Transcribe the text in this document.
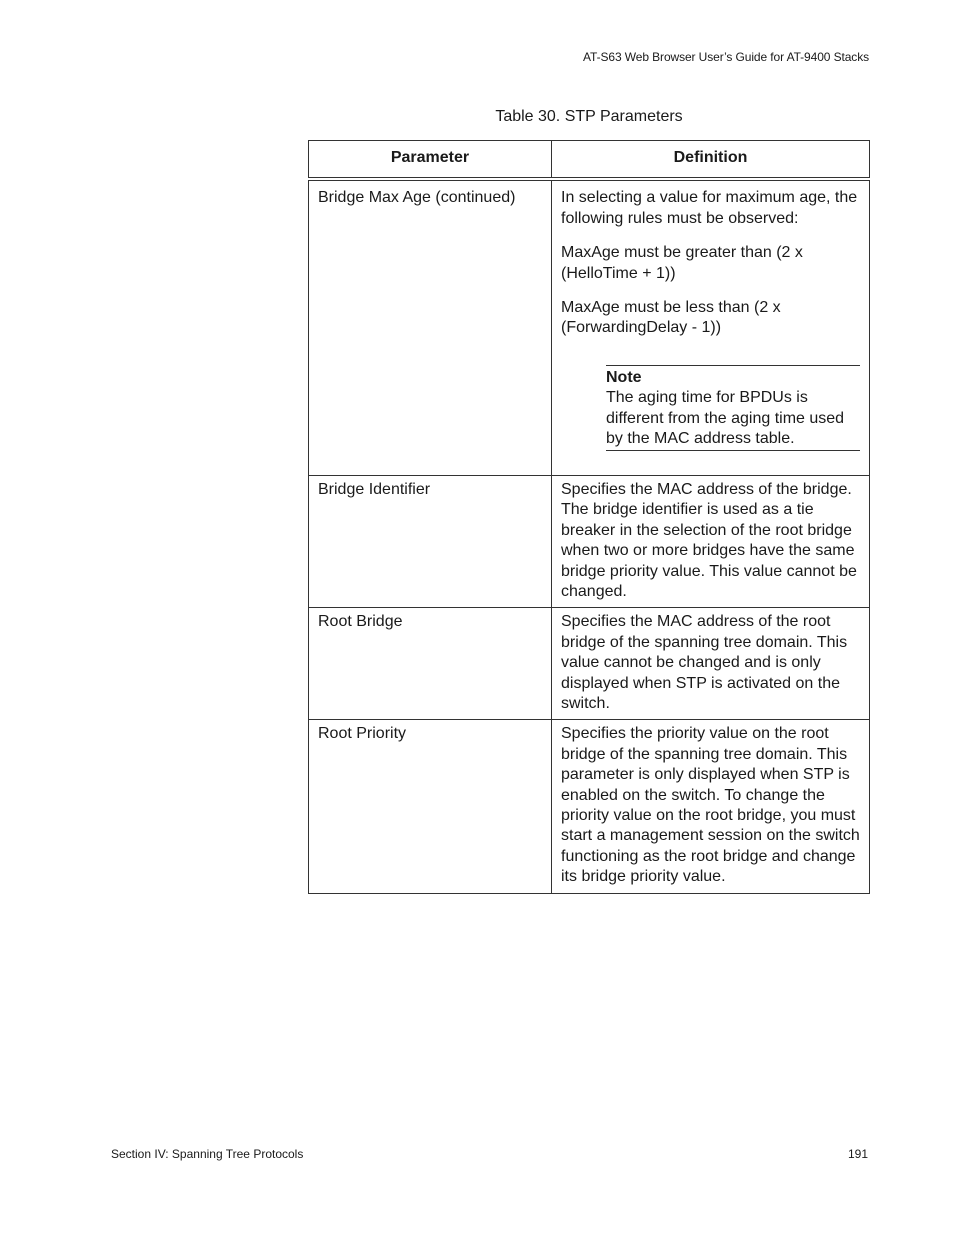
AT-S63 Web Browser User’s Guide for AT-9400 Stacks
Table 30. STP Parameters
Parameter	Definition
Bridge Max Age (continued)	In selecting a value for maximum age, the following rules must be observed:
MaxAge must be greater than (2 x (HelloTime + 1))
MaxAge must be less than (2 x (ForwardingDelay - 1))
Note
The aging time for BPDUs is different from the aging time used by the MAC address table.

Bridge Identifier	Specifies the MAC address of the bridge. The bridge identifier is used as a tie breaker in the selection of the root bridge when two or more bridges have the same bridge priority value. This value cannot be changed.

Root Bridge	Specifies the MAC address of the root bridge of the spanning tree domain. This value cannot be changed and is only displayed when STP is activated on the switch.

Root Priority	Specifies the priority value on the root bridge of the spanning tree domain. This parameter is only displayed when STP is enabled on the switch. To change the priority value on the root bridge, you must start a management session on the switch functioning as the root bridge and change its bridge priority value.
Section IV: Spanning Tree Protocols	191
